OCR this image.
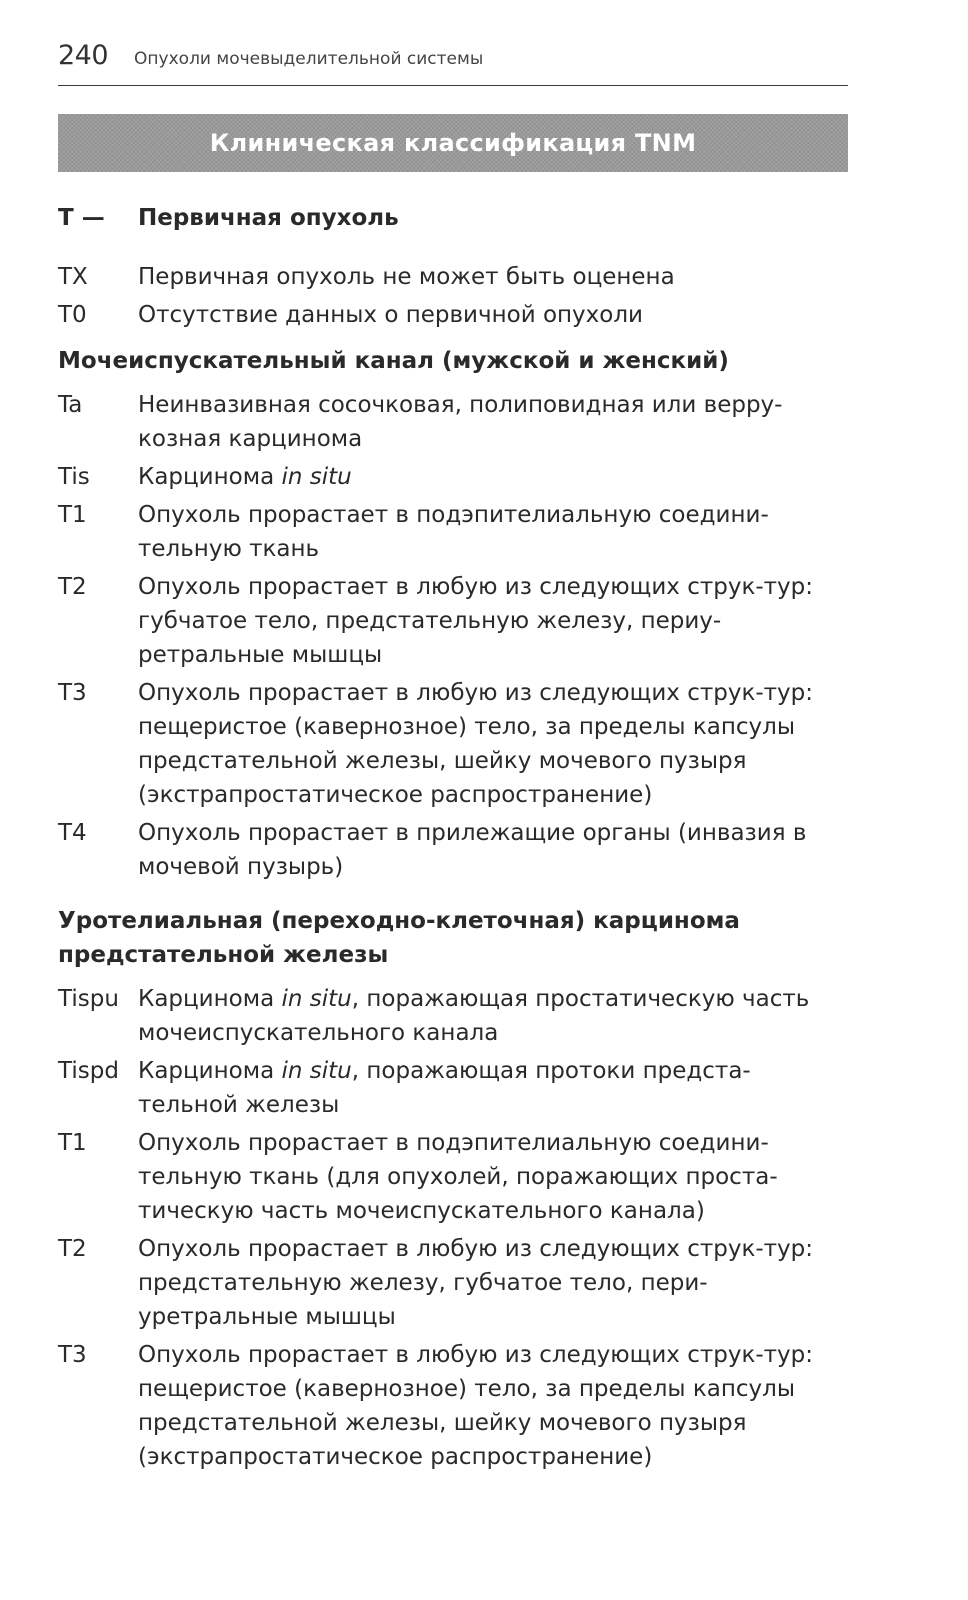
240 Опухоли мочевыделительной системы
Клиническая классификация TNM
T —	Первичная опухоль
TX	Первичная опухоль не может быть оценена
T0	Отсутствие данных о первичной опухоли
Мочеиспускательный канал (мужской и женский)
Ta	Неинвазивная сосочковая, полиповидная или верру-козная карцинома
Tis	Карцинома in situ
T1	Опухоль прорастает в подэпителиальную соедини-тельную ткань
T2	Опухоль прорастает в любую из следующих струк-тур: губчатое тело, предстательную железу, периу-ретральные мышцы
T3	Опухоль прорастает в любую из следующих струк-тур: пещеристое (кавернозное) тело, за пределы капсулы предстательной железы, шейку мочевого пузыря (экстрапростатическое распространение)
T4	Опухоль прорастает в прилежащие органы (инвазия в мочевой пузырь)
Уротелиальная (переходно-клеточная) карцинома предстательной железы
Tispu Карцинома in situ, поражающая простатическую часть мочеиспускательного канала
Tispd Карцинома in situ, поражающая протоки предста-тельной железы
T1	Опухоль прорастает в подэпителиальную соедини-тельную ткань (для опухолей, поражающих проста-тическую часть мочеиспускательного канала)
T2	Опухоль прорастает в любую из следующих струк-тур: предстательную железу, губчатое тело, пери-уретральные мышцы
T3	Опухоль прорастает в любую из следующих струк-тур: пещеристое (кавернозное) тело, за пределы капсулы предстательной железы, шейку мочевого пузыря (экстрапростатическое распространение)
